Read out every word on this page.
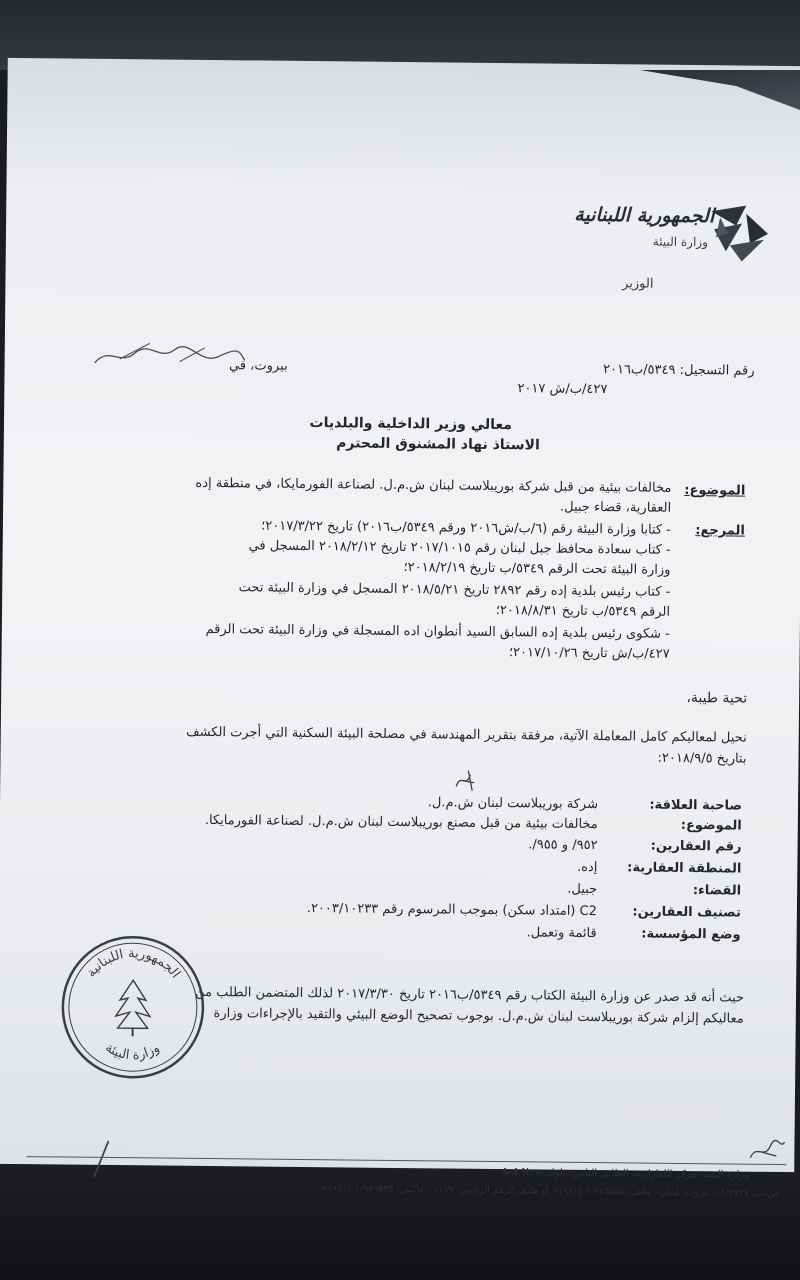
الجمهورية اللبنانية
وزارة البيئة
الوزير
بيروت، في	رقم التسجيل: ٥٣٤٩/ب٢٠١٦
٤٢٧/ب/ش ٢٠١٧
معالي وزير الداخلية والبلديات
الاستاذ نهاد المشنوق المحترم
الموضوع:
مخالفات بيئية من قبل شركة بوريبلاست لبنان ش.م.ل. لصناعة الفورمايكا، في منطقة إده
العقارية، قضاء جبيل.
المرجع:
- كتابا وزارة البيئة رقم (٦/ب/ش٢٠١٦ ورقم ٥٣٤٩/ب٢٠١٦) تاريخ ٢٠١٧/٣/٢٢؛
- كتاب سعادة محافظ جبل لبنان رقم ٢٠١٧/١٠١٥ تاريخ ٢٠١٨/٢/١٢ المسجل في
وزارة البيئة تحت الرقم ٥٣٤٩/ب تاريخ ٢٠١٨/٢/١٩؛
- كتاب رئيس بلدية إده رقم ٢٨٩٢ تاريخ ٢٠١٨/٥/٢١ المسجل في وزارة البيئة تحت
الرقم ٥٣٤٩/ب تاريخ ٢٠١٨/٨/٣١؛
- شكوى رئيس بلدية إده السابق السيد أنطوان اده المسجلة في وزارة البيئة تحت الرقم
٤٢٧/ب/ش تاريخ ٢٠١٧/١٠/٢٦؛
تحية طيبة،
نحيل لمعاليكم كامل المعاملة الآتية، مرفقة بتقرير المهندسة في مصلحة البيئة السكنية التي أجرت الكشف
بتاريخ ٢٠١٨/٩/٥:
صاحبة العلاقة:
شركة بوريبلاست لبنان ش.م.ل.
الموضوع:
مخالفات بيئية من قبل مصنع بوريبلاست لبنان ش.م.ل. لصناعة الفورمايكا.
رقم العقارين:
٩٥٢/ و ٩٥٥/.
المنطقة العقارية:
إده.
القضاء:
جبيل.
تصنيف العقارين:
C2 (امتداد سكن) بموجب المرسوم رقم ٢٠٠٣/١٠٢٣٣.
وضع المؤسسة:
قائمة وتعمل.
حيث أنه قد صدر عن وزارة البيئة الكتاب رقم ٥٣٤٩/ب٢٠١٦ تاريخ ٢٠١٧/٣/٣٠ لذلك المتضمن الطلب من
معاليكم إلزام شركة بوريبلاست لبنان ش.م.ل. بوجوب تصحيح الوضع البيئي والتقيد بالإجراءات وزارة
الجمهورية اللبنانية
وزارة البيئة
وزارة البيئة، مركز اللعازارية، الطابق الثامن، بلوك A-4 New
ص.ب: ١١/٢٧٢٧، بيروت، لبنان - هاتف: ٩٧٦٥٥٥-١-(٩٦١)+ أو هاتف الرقم الرباعي: ١٧٨٩ - فاكس: ٩٧٦٥٣٥-١-(٩٦١)+
